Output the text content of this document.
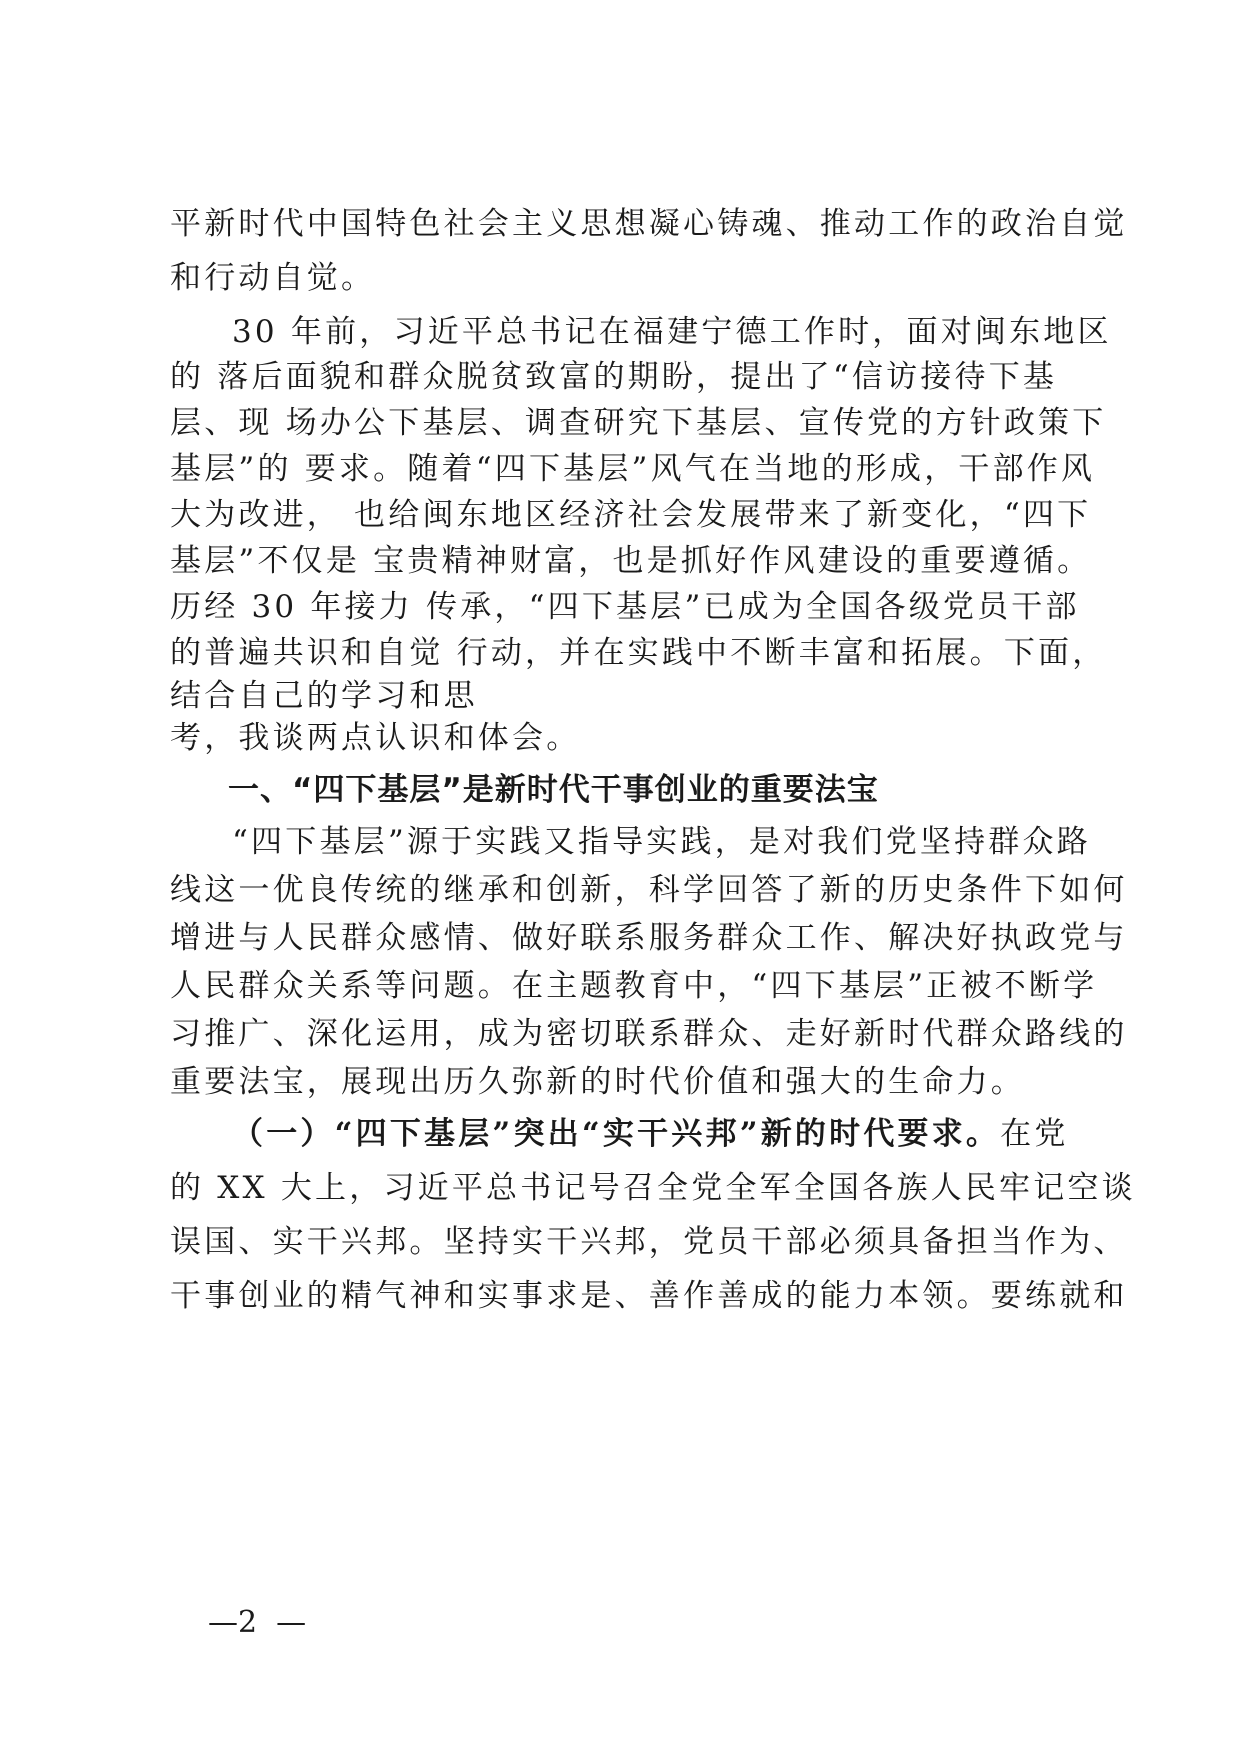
平新时代中国特色社会主义思想凝心铸魂、推动工作的政治自觉
和行动自觉。
30 年前，习近平总书记在福建宁德工作时，面对闽东地区
的 落后面貌和群众脱贫致富的期盼，提出了“信访接待下基
层、现 场办公下基层、调查研究下基层、宣传党的方针政策下
基层”的 要求。随着“四下基层”风气在当地的形成，干部作风
大为改进， 也给闽东地区经济社会发展带来了新变化，“四下
基层”不仅是 宝贵精神财富，也是抓好作风建设的重要遵循。
历经 30 年接力 传承，“四下基层”已成为全国各级党员干部
的普遍共识和自觉 行动，并在实践中不断丰富和拓展。下面，
结合自己的学习和思
考，我谈两点认识和体会。
一、“四下基层”是新时代干事创业的重要法宝
“四下基层”源于实践又指导实践，是对我们党坚持群众路
线这一优良传统的继承和创新，科学回答了新的历史条件下如何
增进与人民群众感情、做好联系服务群众工作、解决好执政党与
人民群众关系等问题。在主题教育中，“四下基层”正被不断学
习推广、深化运用，成为密切联系群众、走好新时代群众路线的
重要法宝，展现出历久弥新的时代价值和强大的生命力。
（一）“四下基层”突出“实干兴邦”新的时代要求。在党
的 XX 大上，习近平总书记号召全党全军全国各族人民牢记空谈
误国、实干兴邦。坚持实干兴邦，党员干部必须具备担当作为、
干事创业的精气神和实事求是、善作善成的能力本领。要练就和
—2  —
